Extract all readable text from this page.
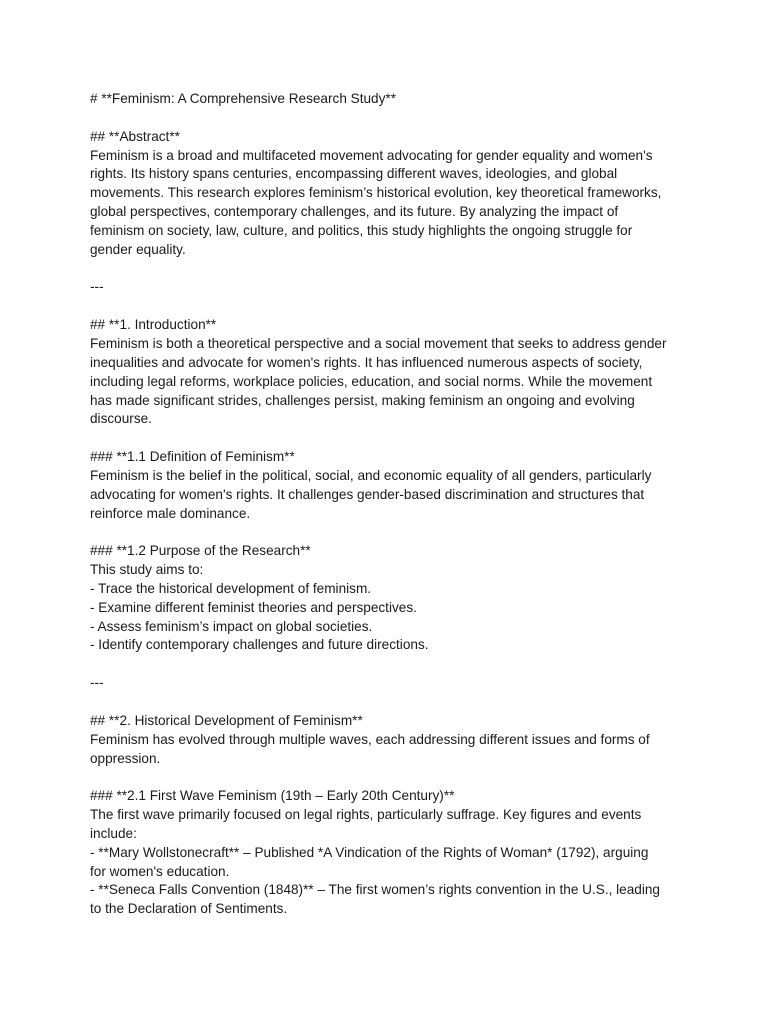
# **Feminism: A Comprehensive Research Study**
## **Abstract**
Feminism is a broad and multifaceted movement advocating for gender equality and women's
rights. Its history spans centuries, encompassing different waves, ideologies, and global
movements. This research explores feminism’s historical evolution, key theoretical frameworks,
global perspectives, contemporary challenges, and its future. By analyzing the impact of
feminism on society, law, culture, and politics, this study highlights the ongoing struggle for
gender equality.
---
## **1. Introduction**
Feminism is both a theoretical perspective and a social movement that seeks to address gender
inequalities and advocate for women's rights. It has influenced numerous aspects of society,
including legal reforms, workplace policies, education, and social norms. While the movement
has made significant strides, challenges persist, making feminism an ongoing and evolving
discourse.
### **1.1 Definition of Feminism**
Feminism is the belief in the political, social, and economic equality of all genders, particularly
advocating for women's rights. It challenges gender-based discrimination and structures that
reinforce male dominance.
### **1.2 Purpose of the Research**
This study aims to:
- Trace the historical development of feminism.
- Examine different feminist theories and perspectives.
- Assess feminism’s impact on global societies.
- Identify contemporary challenges and future directions.
---
## **2. Historical Development of Feminism**
Feminism has evolved through multiple waves, each addressing different issues and forms of
oppression.
### **2.1 First Wave Feminism (19th – Early 20th Century)**
The first wave primarily focused on legal rights, particularly suffrage. Key figures and events
include:
- **Mary Wollstonecraft** – Published *A Vindication of the Rights of Woman* (1792), arguing
for women's education.
- **Seneca Falls Convention (1848)** – The first women’s rights convention in the U.S., leading
to the Declaration of Sentiments.
